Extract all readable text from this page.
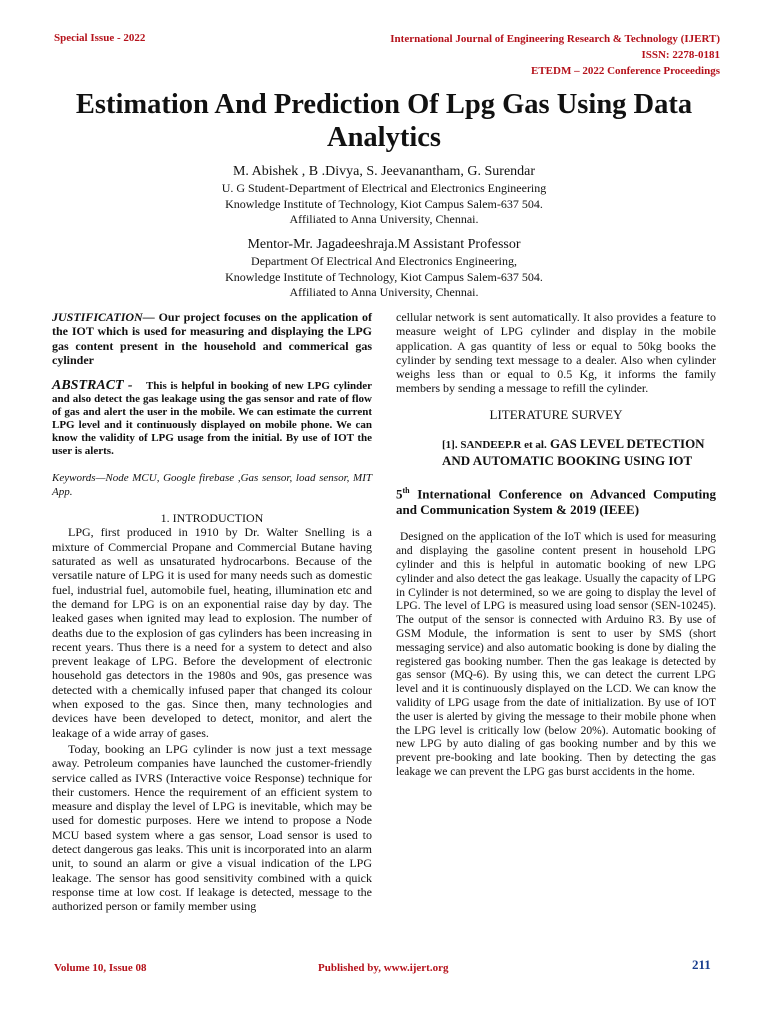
Special Issue - 2022	International Journal of Engineering Research & Technology (IJERT)
ISSN: 2278-0181
ETEDM – 2022 Conference Proceedings
Estimation And Prediction Of Lpg Gas Using Data Analytics
M. Abishek , B .Divya, S. Jeevanantham, G. Surendar
U. G Student-Department of Electrical and Electronics Engineering
Knowledge Institute of Technology, Kiot Campus Salem-637 504.
Affiliated to Anna University, Chennai.
Mentor-Mr. Jagadeeshraja.M Assistant Professor
Department Of Electrical And Electronics Engineering,
Knowledge Institute of Technology, Kiot Campus Salem-637 504.
Affiliated to Anna University, Chennai.

JUSTIFICATION— Our project focuses on the application of the IOT which is used for measuring and displaying the LPG gas content present in the household and commerical gas cylinder

ABSTRACT - This is helpful in booking of new LPG cylinder and also detect the gas leakage using the gas sensor and rate of flow of gas and alert the user in the mobile. We can estimate the current LPG level and it continuously displayed on mobile phone. We can know the validity of LPG usage from the initial. By use of IOT the user is alerts.

Keywords—Node MCU, Google firebase ,Gas sensor, load sensor, MIT App.

1. INTRODUCTION

LPG, first produced in 1910 by Dr. Walter Snelling is a mixture of Commercial Propane and Commercial Butane having saturated as well as unsaturated hydrocarbons. Because of the versatile nature of LPG it is used for many needs such as domestic fuel, industrial fuel, automobile fuel, heating, illumination etc and the demand for LPG is on an exponential raise day by day. The leaked gases when ignited may lead to explosion. The number of deaths due to the explosion of gas cylinders has been increasing in recent years. Thus there is a need for a system to detect and also prevent leakage of LPG. Before the development of electronic household gas detectors in the 1980s and 90s, gas presence was detected with a chemically infused paper that changed its colour when exposed to the gas. Since then, many technologies and devices have been developed to detect, monitor, and alert the leakage of a wide array of gases.

Today, booking an LPG cylinder is now just a text message away. Petroleum companies have launched the customer-friendly service called as IVRS (Interactive voice Response) technique for their customers. Hence the requirement of an efficient system to measure and display the level of LPG is inevitable, which may be used for domestic purposes. Here we intend to propose a Node MCU based system where a gas sensor, Load sensor is used to detect dangerous gas leaks. This unit is incorporated into an alarm unit, to sound an alarm or give a visual indication of the LPG leakage. The sensor has good sensitivity combined with a quick response time at low cost. If leakage is detected, message to the authorized person or family member using

cellular network is sent automatically. It also provides a feature to measure weight of LPG cylinder and display in the mobile application. A gas quantity of less or equal to 50kg books the cylinder by sending text message to a dealer. Also when cylinder weighs less than or equal to 0.5 Kg, it informs the family members by sending a message to refill the cylinder.

LITERATURE SURVEY

[1]. SANDEEP.R et al. GAS LEVEL DETECTION AND AUTOMATIC BOOKING USING IOT

5th International Conference on Advanced Computing and Communication System & 2019 (IEEE)

Designed on the application of the IoT which is used for measuring and displaying the gasoline content present in household LPG cylinder and this is helpful in automatic booking of new LPG cylinder and also detect the gas leakage. Usually the capacity of LPG in Cylinder is not determined, so we are going to display the level of LPG. The level of LPG is measured using load sensor (SEN-10245). The output of the sensor is connected with Arduino R3. By use of GSM Module, the information is sent to user by SMS (short messaging service) and also automatic booking is done by dialing the registered gas booking number. Then the gas leakage is detected by gas sensor (MQ-6). By using this, we can detect the current LPG level and it is continuously displayed on the LCD. We can know the validity of LPG usage from the date of initialization. By use of IOT the user is alerted by giving the message to their mobile phone when the LPG level is critically low (below 20%). Automatic booking of new LPG by auto dialing of gas booking number and by this we prevent pre-booking and late booking. Then by detecting the gas leakage we can prevent the LPG gas burst accidents in the home.

Volume 10, Issue 08	Published by, www.ijert.org	211
